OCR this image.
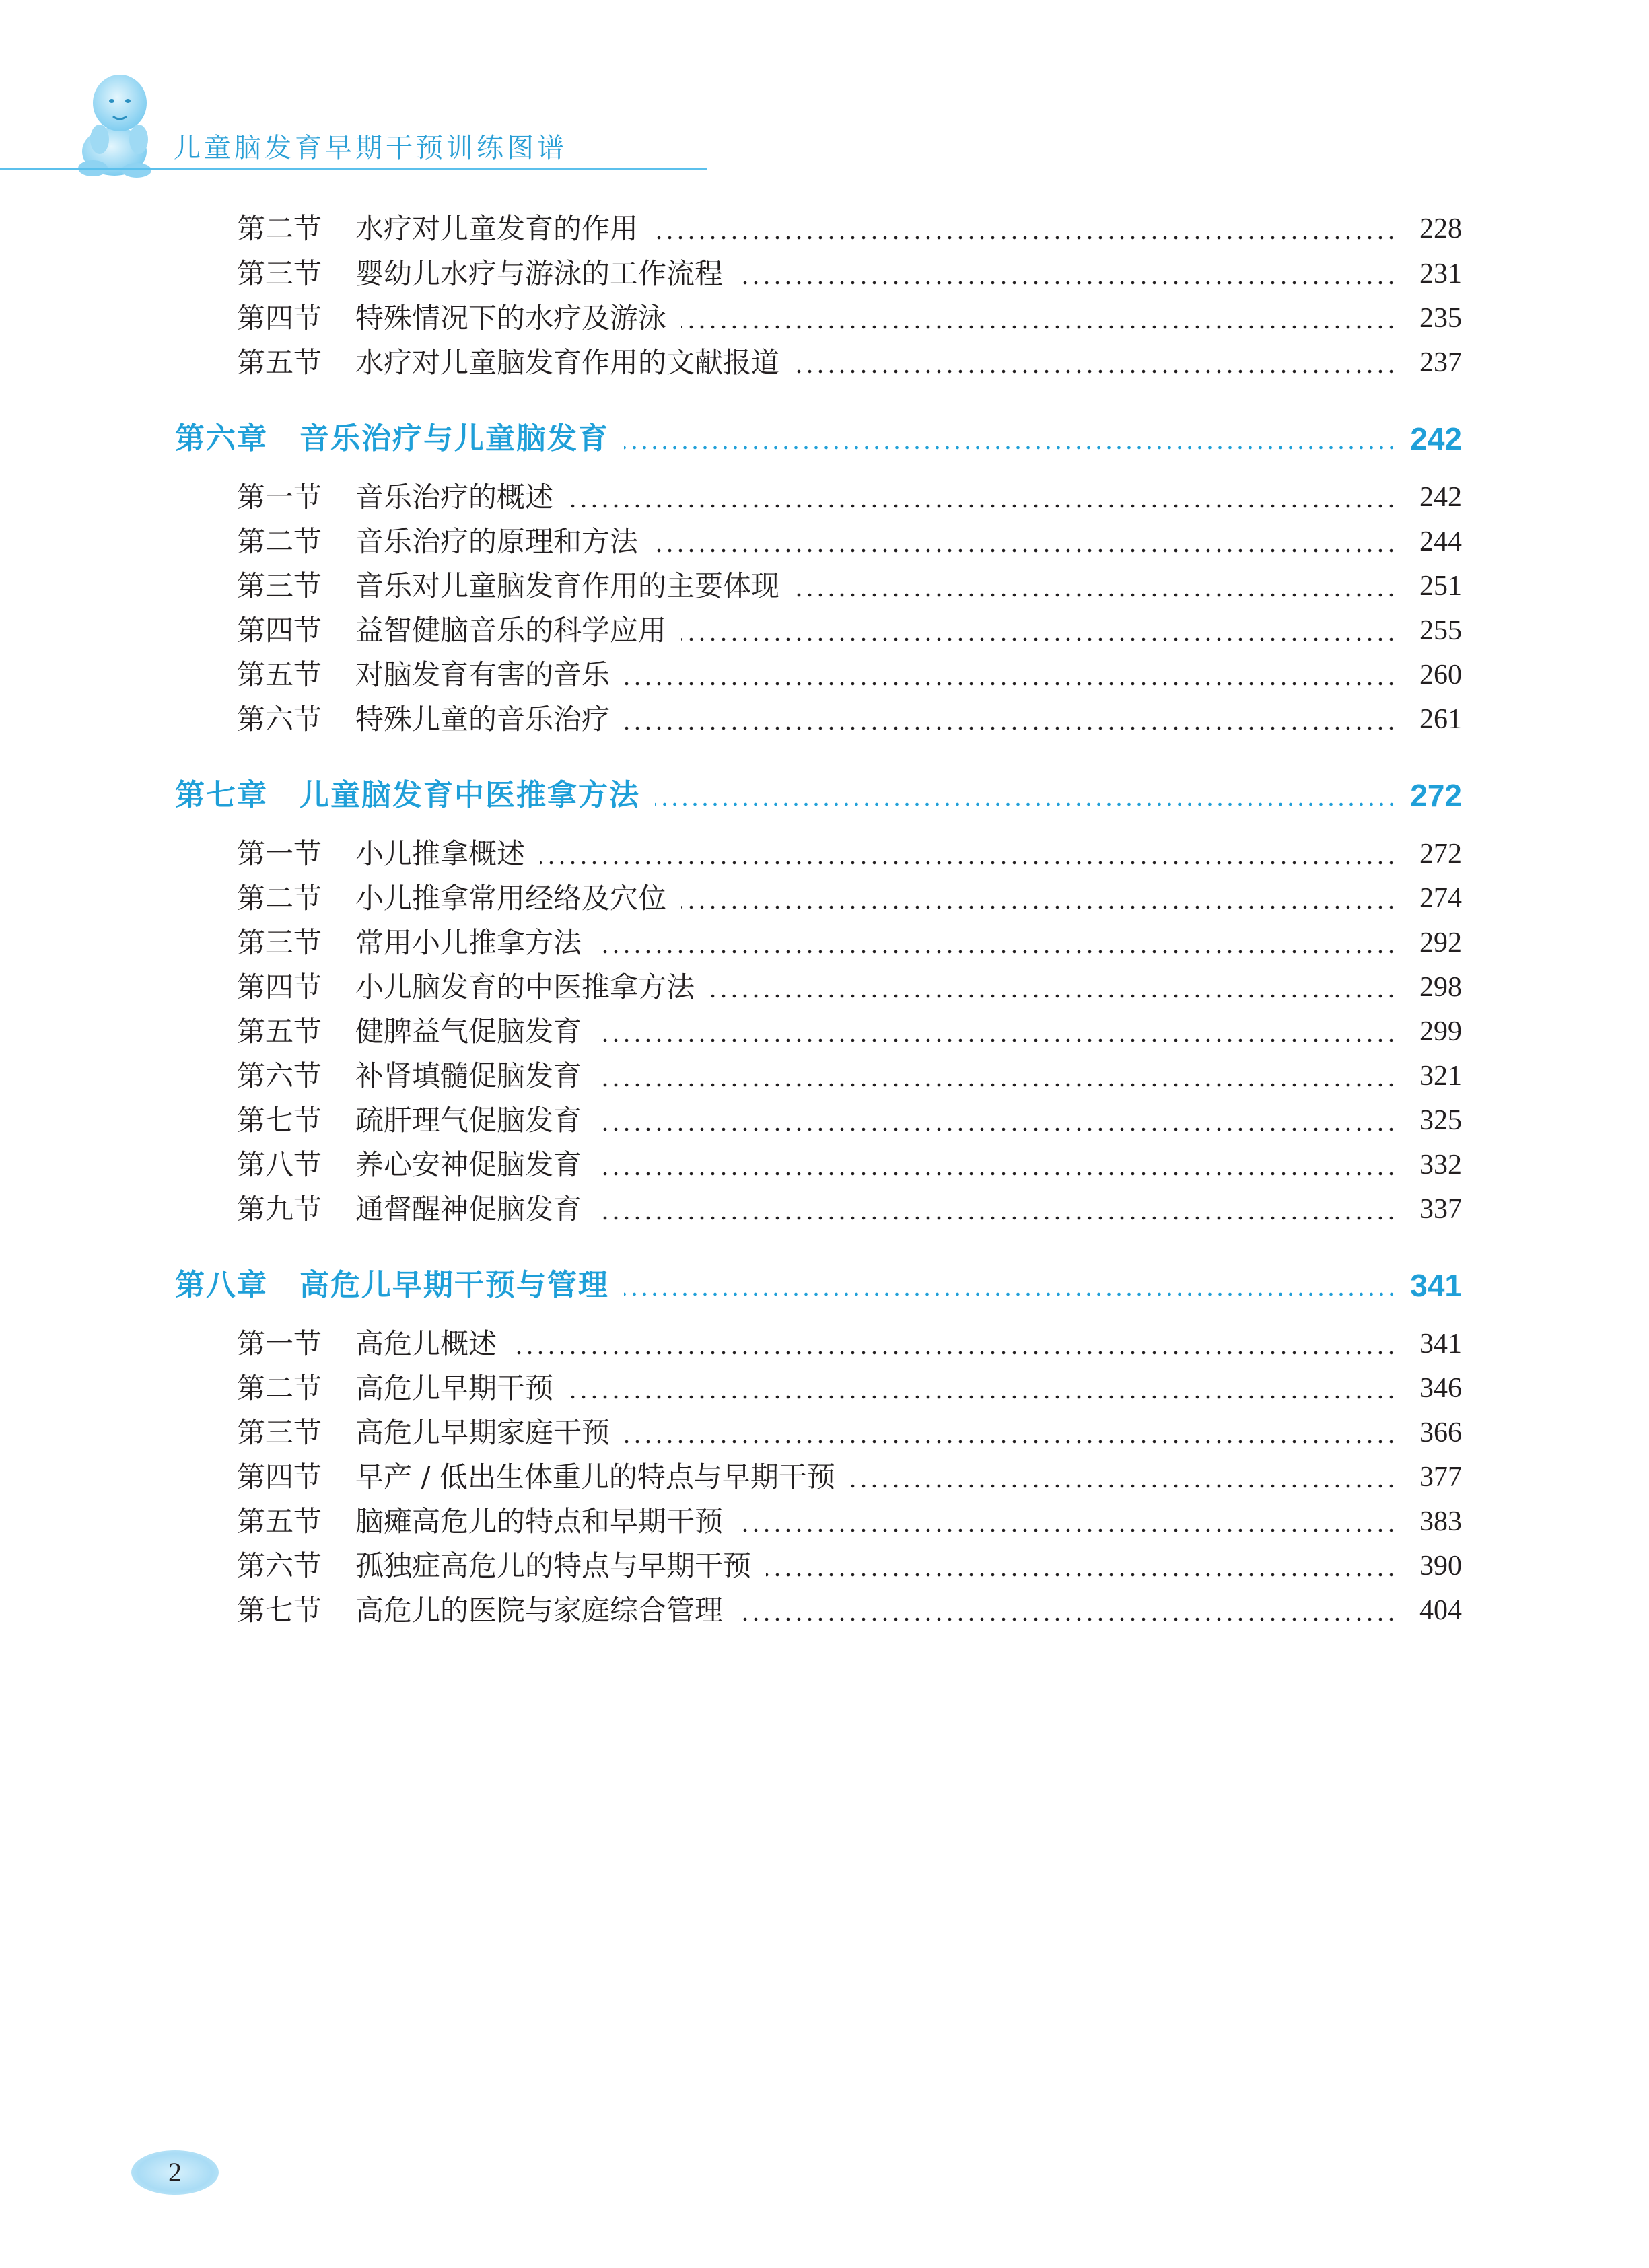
儿童脑发育早期干预训练图谱
第二节 水疗对儿童发育的作用	228
第三节 婴幼儿水疗与游泳的工作流程	231
第四节 特殊情况下的水疗及游泳	235
第五节 水疗对儿童脑发育作用的文献报道	237
第六章 音乐治疗与儿童脑发育	242
第一节 音乐治疗的概述	242
第二节 音乐治疗的原理和方法	244
第三节 音乐对儿童脑发育作用的主要体现	251
第四节 益智健脑音乐的科学应用	255
第五节 对脑发育有害的音乐	260
第六节 特殊儿童的音乐治疗	261
第七章 儿童脑发育中医推拿方法	272
第一节 小儿推拿概述	272
第二节 小儿推拿常用经络及穴位	274
第三节 常用小儿推拿方法	292
第四节 小儿脑发育的中医推拿方法	298
第五节 健脾益气促脑发育	299
第六节 补肾填髓促脑发育	321
第七节 疏肝理气促脑发育	325
第八节 养心安神促脑发育	332
第九节 通督醒神促脑发育	337
第八章 高危儿早期干预与管理	341
第一节 高危儿概述	341
第二节 高危儿早期干预	346
第三节 高危儿早期家庭干预	366
第四节 早产 / 低出生体重儿的特点与早期干预	377
第五节 脑瘫高危儿的特点和早期干预	383
第六节 孤独症高危儿的特点与早期干预	390
第七节 高危儿的医院与家庭综合管理	404
2
